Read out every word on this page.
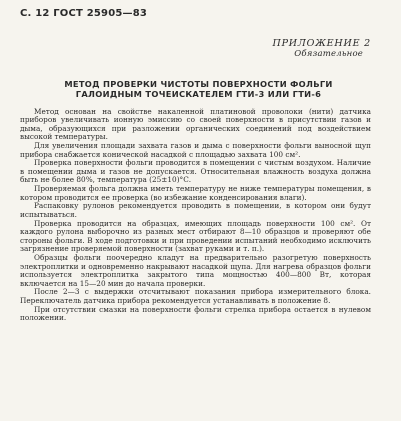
С. 12 ГОСТ 25905—83
ПРИЛОЖЕНИЕ 2
Обязательное
МЕТОД ПРОВЕРКИ ЧИСТОТЫ ПОВЕРХНОСТИ ФОЛЬГИ
ГАЛОИДНЫМ ТОЧЕИСКАТЕЛЕМ ГТИ-3 ИЛИ ГТИ-6

Метод основан на свойстве накаленной платиновой проволоки (нити) датчика приборов увеличивать ионную эмиссию со своей поверхности в присутствии газов и дыма, образующихся при разложении органических соединений под воздействием высокой температуры.

Для увеличения площади захвата газов и дыма с поверхности фольги выносной щуп прибора снабжается конической насадкой с площадью захвата 100 см².

Проверка поверхности фольги проводится в помещении с чистым воздухом. Наличие в помещении дыма и газов не допускается. Относительная влажность воздуха должна быть не более 80%, температура (25±10)°С.

Проверяемая фольга должна иметь температуру не ниже температуры помещения, в котором проводится ее проверка (во избежание конденсирования влаги).

Распаковку рулонов рекомендуется проводить в помещении, в котором они будут испытываться.

Проверка проводится на образцах, имеющих площадь поверхности 100 см². От каждого рулона выборочно из разных мест отбирают 8—10 образцов и проверяют обе стороны фольги. В ходе подготовки и при проведении испытаний необходимо исключить загрязнение проверяемой поверхности (захват руками и т. п.).

Образцы фольги поочередно кладут на предварительно разогретую поверхность электроплитки и одновременно накрывают насадкой щупа. Для нагрева образцов фольги используется электроплитка закрытого типа мощностью 400—800 Вт, которая включается на 15—20 мин до начала проверки.

После 2—3 с выдержки отсчитывают показания прибора измерительного блока. Переключатель датчика прибора рекомендуется устанавливать в положение 8.

При отсутствии смазки на поверхности фольги стрелка прибора остается в нулевом положении.
